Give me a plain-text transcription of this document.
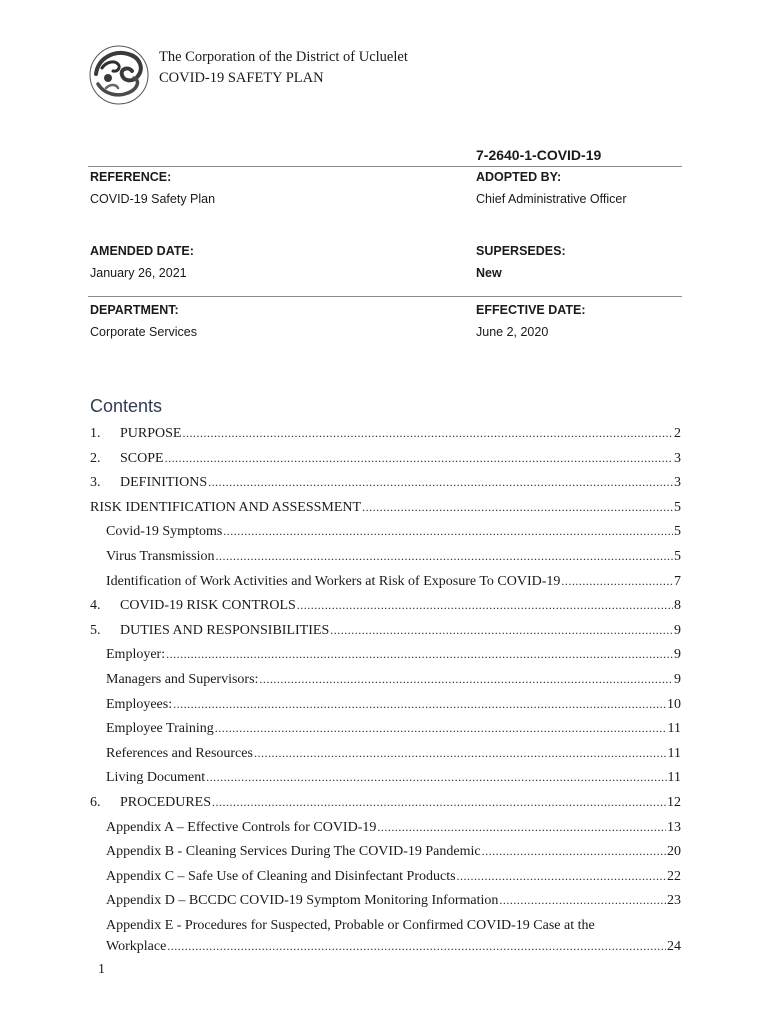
The Corporation of the District of Ucluelet
COVID-19 SAFETY PLAN
7-2640-1-COVID-19
REFERENCE:	ADOPTED BY:
COVID-19 Safety Plan	Chief Administrative Officer
AMENDED DATE:	SUPERSEDES:
January 26, 2021	New
DEPARTMENT:	EFFECTIVE DATE:
Corporate Services	June 2, 2020
Contents
1.	PURPOSE .....	2
2.	SCOPE .....	3
3.	DEFINITIONS .....	3
RISK IDENTIFICATION AND ASSESSMENT .....	5
Covid-19 Symptoms .....	5
Virus Transmission .....	5
Identification of Work Activities and Workers at Risk of Exposure To COVID-19 .....	7
4.	COVID-19 RISK CONTROLS .....	8
5.	DUTIES AND RESPONSIBILITIES .....	9
Employer: .....	9
Managers and Supervisors: .....	9
Employees: .....	10
Employee Training .....	11
References and Resources .....	11
Living Document .....	11
6.	PROCEDURES .....	12
Appendix A – Effective Controls for COVID-19 .....	13
Appendix B - Cleaning Services During The COVID-19 Pandemic .....	20
Appendix C – Safe Use of Cleaning and Disinfectant Products .....	22
Appendix D – BCCDC COVID-19 Symptom Monitoring Information .....	23
Appendix E - Procedures for Suspected, Probable or Confirmed COVID-19 Case at the
Workplace .....	24
1
